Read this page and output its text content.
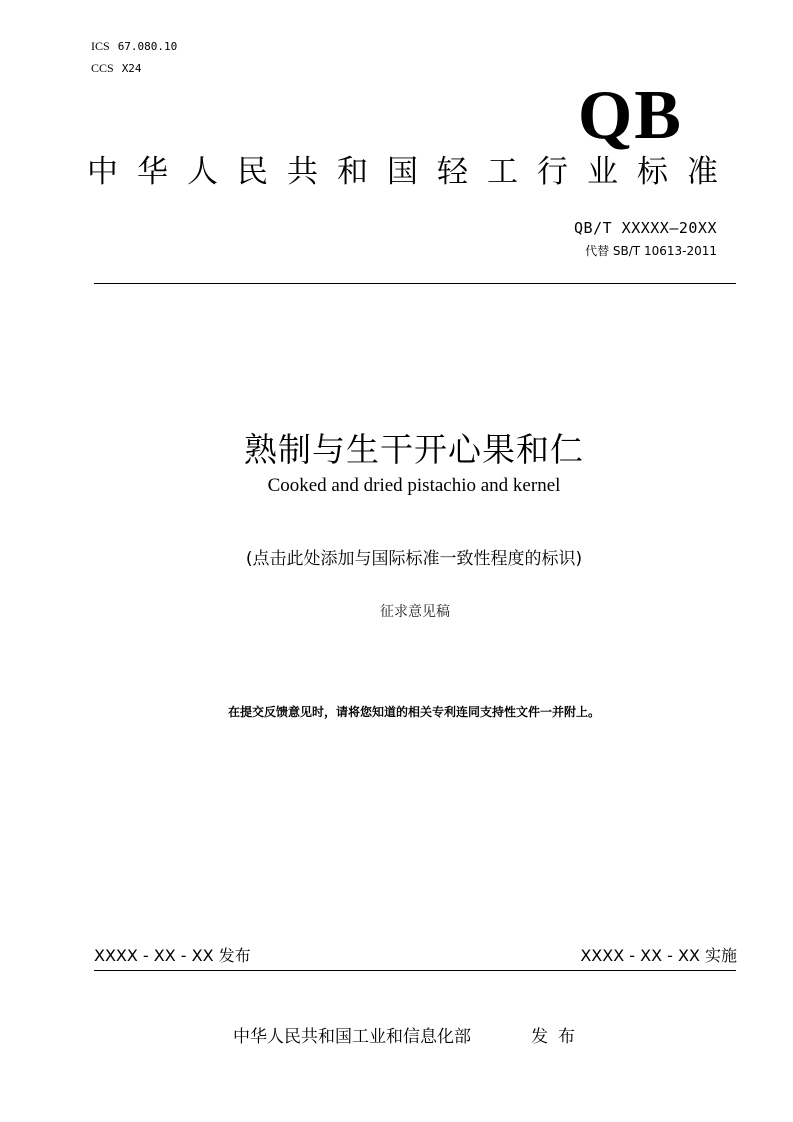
ICS 67.080.10
CCS X24
QB
中华人民共和国轻工行业标准
QB/T XXXXX—20XX
代替 SB/T 10613-2011
熟制与生干开心果和仁
Cooked and dried pistachio and kernel
(点击此处添加与国际标准一致性程度的标识)
征求意见稿
在提交反馈意见时，请将您知道的相关专利连同支持性文件一并附上。
XXXX - XX - XX 发布	XXXX - XX - XX 实施
中华人民共和国工业和信息化部	发布
